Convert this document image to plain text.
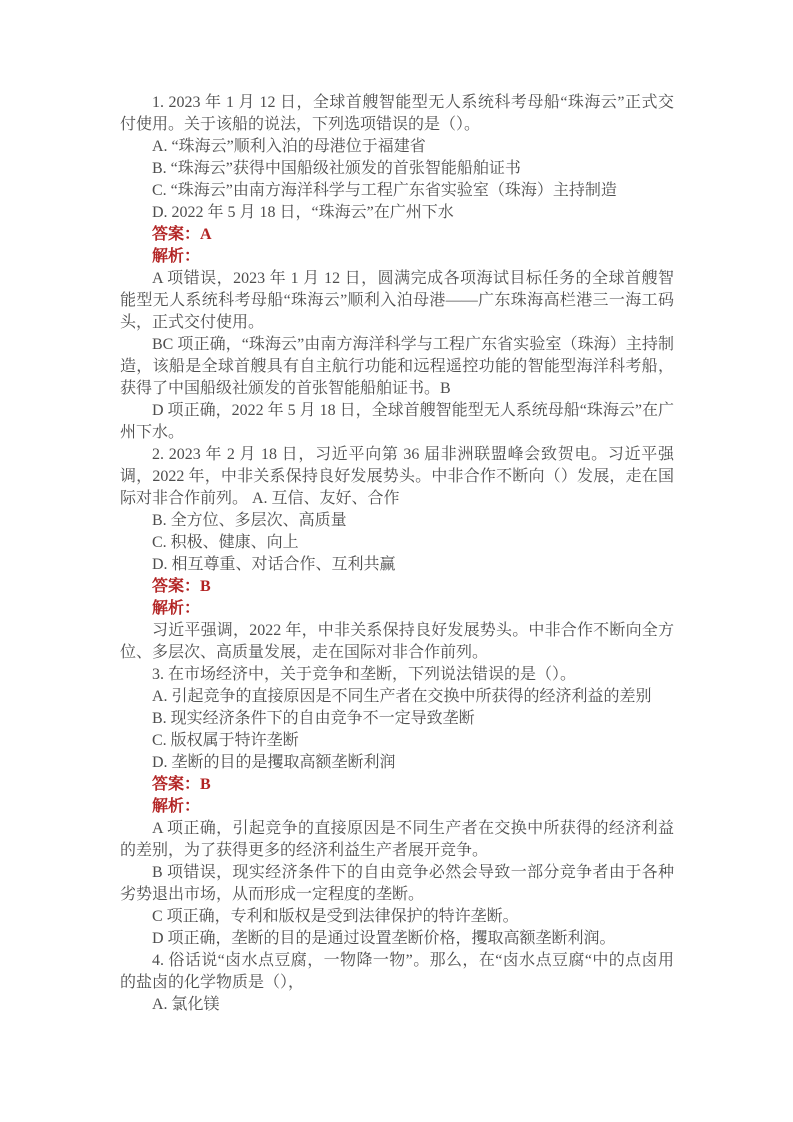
1. 2023 年 1 月 12 日，全球首艘智能型无人系统科考母船“珠海云”正式交付使用。关于该船的说法，下列选项错误的是（）。

A. “珠海云”顺利入泊的母港位于福建省

B. “珠海云”获得中国船级社颁发的首张智能船舶证书

C. “珠海云”由南方海洋科学与工程广东省实验室（珠海）主持制造

D. 2022 年 5 月 18 日，“珠海云”在广州下水

答案：A

解析：

A 项错误，2023 年 1 月 12 日，圆满完成各项海试目标任务的全球首艘智能型无人系统科考母船“珠海云”顺利入泊母港——广东珠海高栏港三一海工码头，正式交付使用。

BC 项正确，“珠海云”由南方海洋科学与工程广东省实验室（珠海）主持制造，该船是全球首艘具有自主航行功能和远程遥控功能的智能型海洋科考船，获得了中国船级社颁发的首张智能船舶证书。B

D 项正确，2022 年 5 月 18 日，全球首艘智能型无人系统母船“珠海云”在广州下水。

2. 2023 年 2 月 18 日，习近平向第 36 届非洲联盟峰会致贺电。习近平强调，2022 年，中非关系保持良好发展势头。中非合作不断向（）发展，走在国际对非合作前列。 A. 互信、友好、合作

B. 全方位、多层次、高质量

C. 积极、健康、向上

D. 相互尊重、对话合作、互利共赢

答案：B

解析：

习近平强调，2022 年，中非关系保持良好发展势头。中非合作不断向全方位、多层次、高质量发展，走在国际对非合作前列。

3. 在市场经济中，关于竞争和垄断，下列说法错误的是（）。

A. 引起竞争的直接原因是不同生产者在交换中所获得的经济利益的差别

B. 现实经济条件下的自由竞争不一定导致垄断

C. 版权属于特许垄断

D. 垄断的目的是攫取高额垄断利润

答案：B

解析：

A 项正确，引起竞争的直接原因是不同生产者在交换中所获得的经济利益的差别，为了获得更多的经济利益生产者展开竞争。

B 项错误，现实经济条件下的自由竞争必然会导致一部分竞争者由于各种劣势退出市场，从而形成一定程度的垄断。

C 项正确，专利和版权是受到法律保护的特许垄断。

D 项正确，垄断的目的是通过设置垄断价格，攫取高额垄断利润。

4. 俗话说“卤水点豆腐，一物降一物”。那么，在“卤水点豆腐“中的点卤用的盐卤的化学物质是（），

A. 氯化镁
